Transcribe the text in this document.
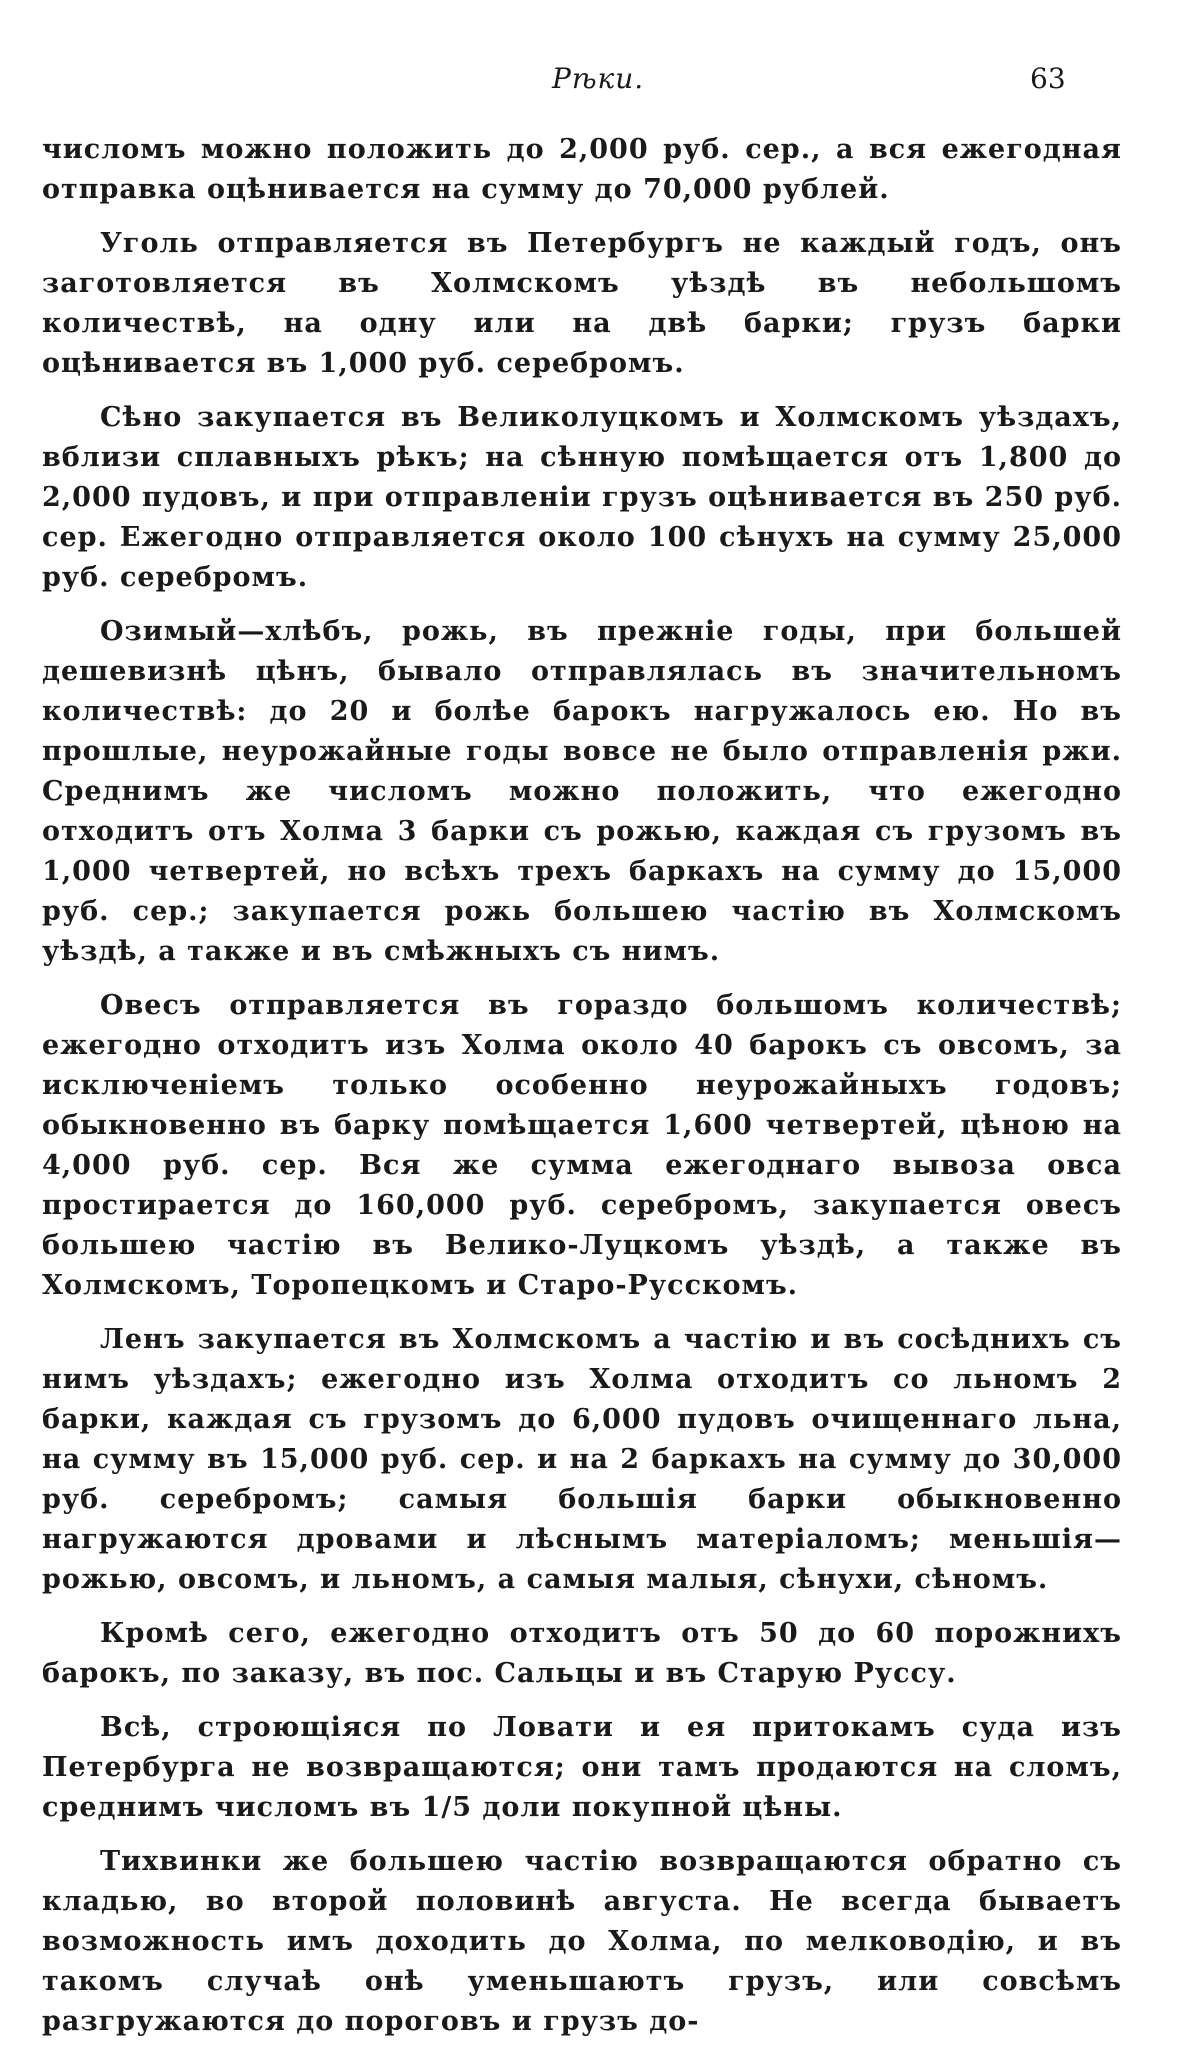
Рѣки.	63

числомъ можно положить до 2,000 руб. сер., а вся ежегодная отправка оцѣнивается на сумму до 70,000 рублей.

Уголь отправляется въ Петербургъ не каждый годъ, онъ заготовляется въ Холмскомъ уѣздѣ въ небольшомъ количествѣ, на одну или на двѣ барки; грузъ барки оцѣнивается въ 1,000 руб. серебромъ.

Сѣно закупается въ Великолуцкомъ и Холмскомъ уѣздахъ, вблизи сплавныхъ рѣкъ; на сѣнную помѣщается отъ 1,800 до 2,000 пудовъ, и при отправленіи грузъ оцѣнивается въ 250 руб. сер. Ежегодно отправляется около 100 сѣнухъ на сумму 25,000 руб. серебромъ.

Озимый—хлѣбъ, рожь, въ прежніе годы, при большей дешевизнѣ цѣнъ, бывало отправлялась въ значительномъ количествѣ: до 20 и болѣе барокъ нагружалось ею. Но въ прошлые, неурожайные годы вовсе не было отправленія ржи. Среднимъ же числомъ можно положить, что ежегодно отходитъ отъ Холма 3 барки съ рожью, каждая съ грузомъ въ 1,000 четвертей, но всѣхъ трехъ баркахъ на сумму до 15,000 руб. сер.; закупается рожь большею частію въ Холмскомъ уѣздѣ, а также и въ смѣжныхъ съ нимъ.

Овесъ отправляется въ гораздо большомъ количествѣ; ежегодно отходитъ изъ Холма около 40 барокъ съ овсомъ, за исключеніемъ только особенно неурожайныхъ годовъ; обыкновенно въ барку помѣщается 1,600 четвертей, цѣною на 4,000 руб. сер. Вся же сумма ежегоднаго вывоза овса простирается до 160,000 руб. серебромъ, закупается овесъ большею частію въ Велико-Луцкомъ уѣздѣ, а также въ Холмскомъ, Торопецкомъ и Старо-Русскомъ.

Ленъ закупается въ Холмскомъ а частію и въ сосѣднихъ съ нимъ уѣздахъ; ежегодно изъ Холма отходитъ со льномъ 2 барки, каждая съ грузомъ до 6,000 пудовъ очищеннаго льна, на сумму въ 15,000 руб. сер. и на 2 баркахъ на сумму до 30,000 руб. серебромъ; самыя большія барки обыкновенно нагружаются дровами и лѣснымъ матеріаломъ; меньшія—рожью, овсомъ, и льномъ, а самыя малыя, сѣнухи, сѣномъ.

Кромѣ сего, ежегодно отходитъ отъ 50 до 60 порожнихъ барокъ, по заказу, въ пос. Сальцы и въ Старую Руссу.

Всѣ, строющіяся по Ловати и ея притокамъ суда изъ Петербурга не возвращаются; они тамъ продаются на сломъ, среднимъ числомъ въ 1/5 доли покупной цѣны.

Тихвинки же большею частію возвращаются обратно съ кладью, во второй половинѣ августа. Не всегда бываетъ возможность имъ доходить до Холма, по мелководію, и въ такомъ случаѣ онѣ уменьшаютъ грузъ, или совсѣмъ разгружаются до пороговъ и грузъ до-
